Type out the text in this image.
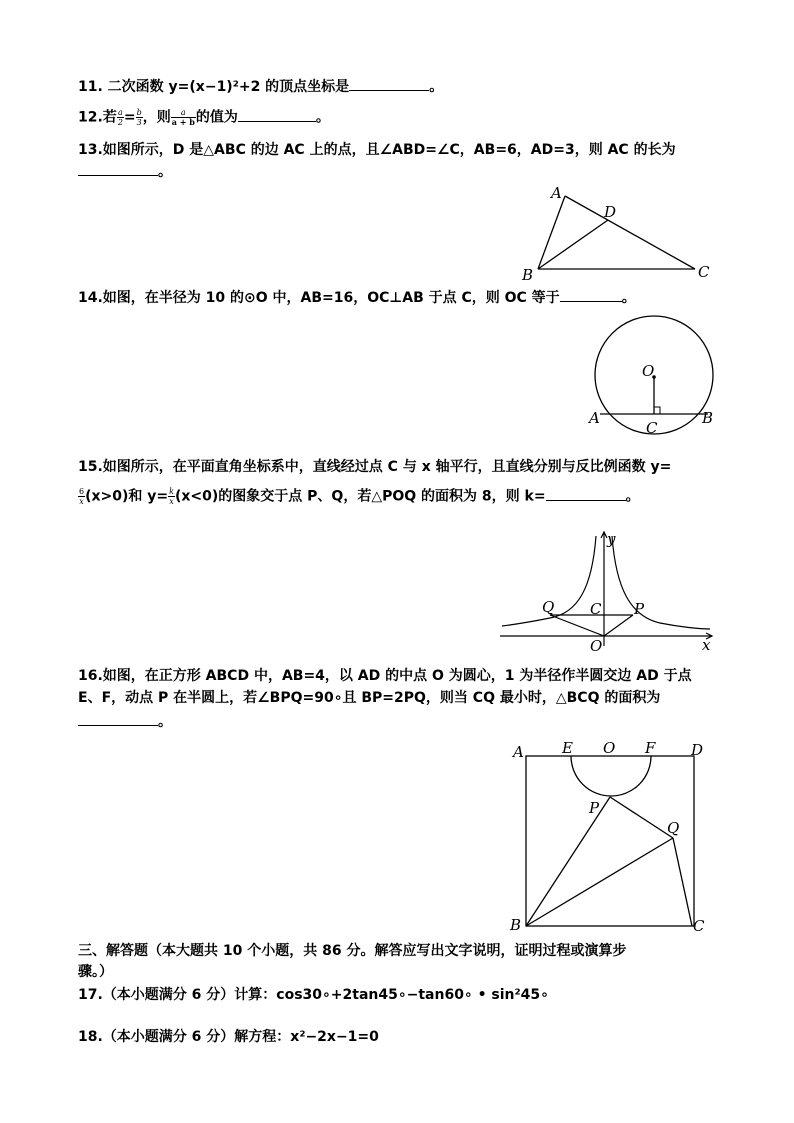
11. 二次函数 y=(x−1)²+2 的顶点坐标是	。
12.若 $\frac{a}{2} = \frac{b}{3}$ ，则 $\frac{a}{a + b}$ 的值为	。
13.如图所示，D 是△ABC 的边 AC 上的点，且∠ABD=∠C，AB=6，AD=3，则 AC 的长为
。
A
D
B	C
14.如图，在半径为 10 的⊙O 中，AB=16，OC⊥AB 于点 C，则 OC 等于	。
O
A	B
C
15.如图所示，在平面直角坐标系中，直线经过点 C 与 x 轴平行，且直线分别与反比例函数 y=
$\frac{6}{x} (x>0)$和 $y= \frac{k}{x} (x<0)$的图象交于点 P、Q，若△POQ 的面积为 8，则 k=	。
y
x
Q C P
O
16.如图，在正方形 ABCD 中，AB=4，以 AD 的中点 O 为圆心，1 为半径作半圆交边 AD 于点
E、F，动点 P 在半圆上，若∠BPQ=90∘且 BP=2PQ，则当 CQ 最小时，△BCQ 的面积为
。
A	E O F D
P
Q
B	C
三、解答题（本大题共 10 个小题，共 86 分。解答应写出文字说明，证明过程或演算步
骤。）
17.（本小题满分 6 分）计算：cos30∘+2tan45∘−tan60∘ • sin²45∘
18.（本小题满分 6 分）解方程：x²−2x−1=0
